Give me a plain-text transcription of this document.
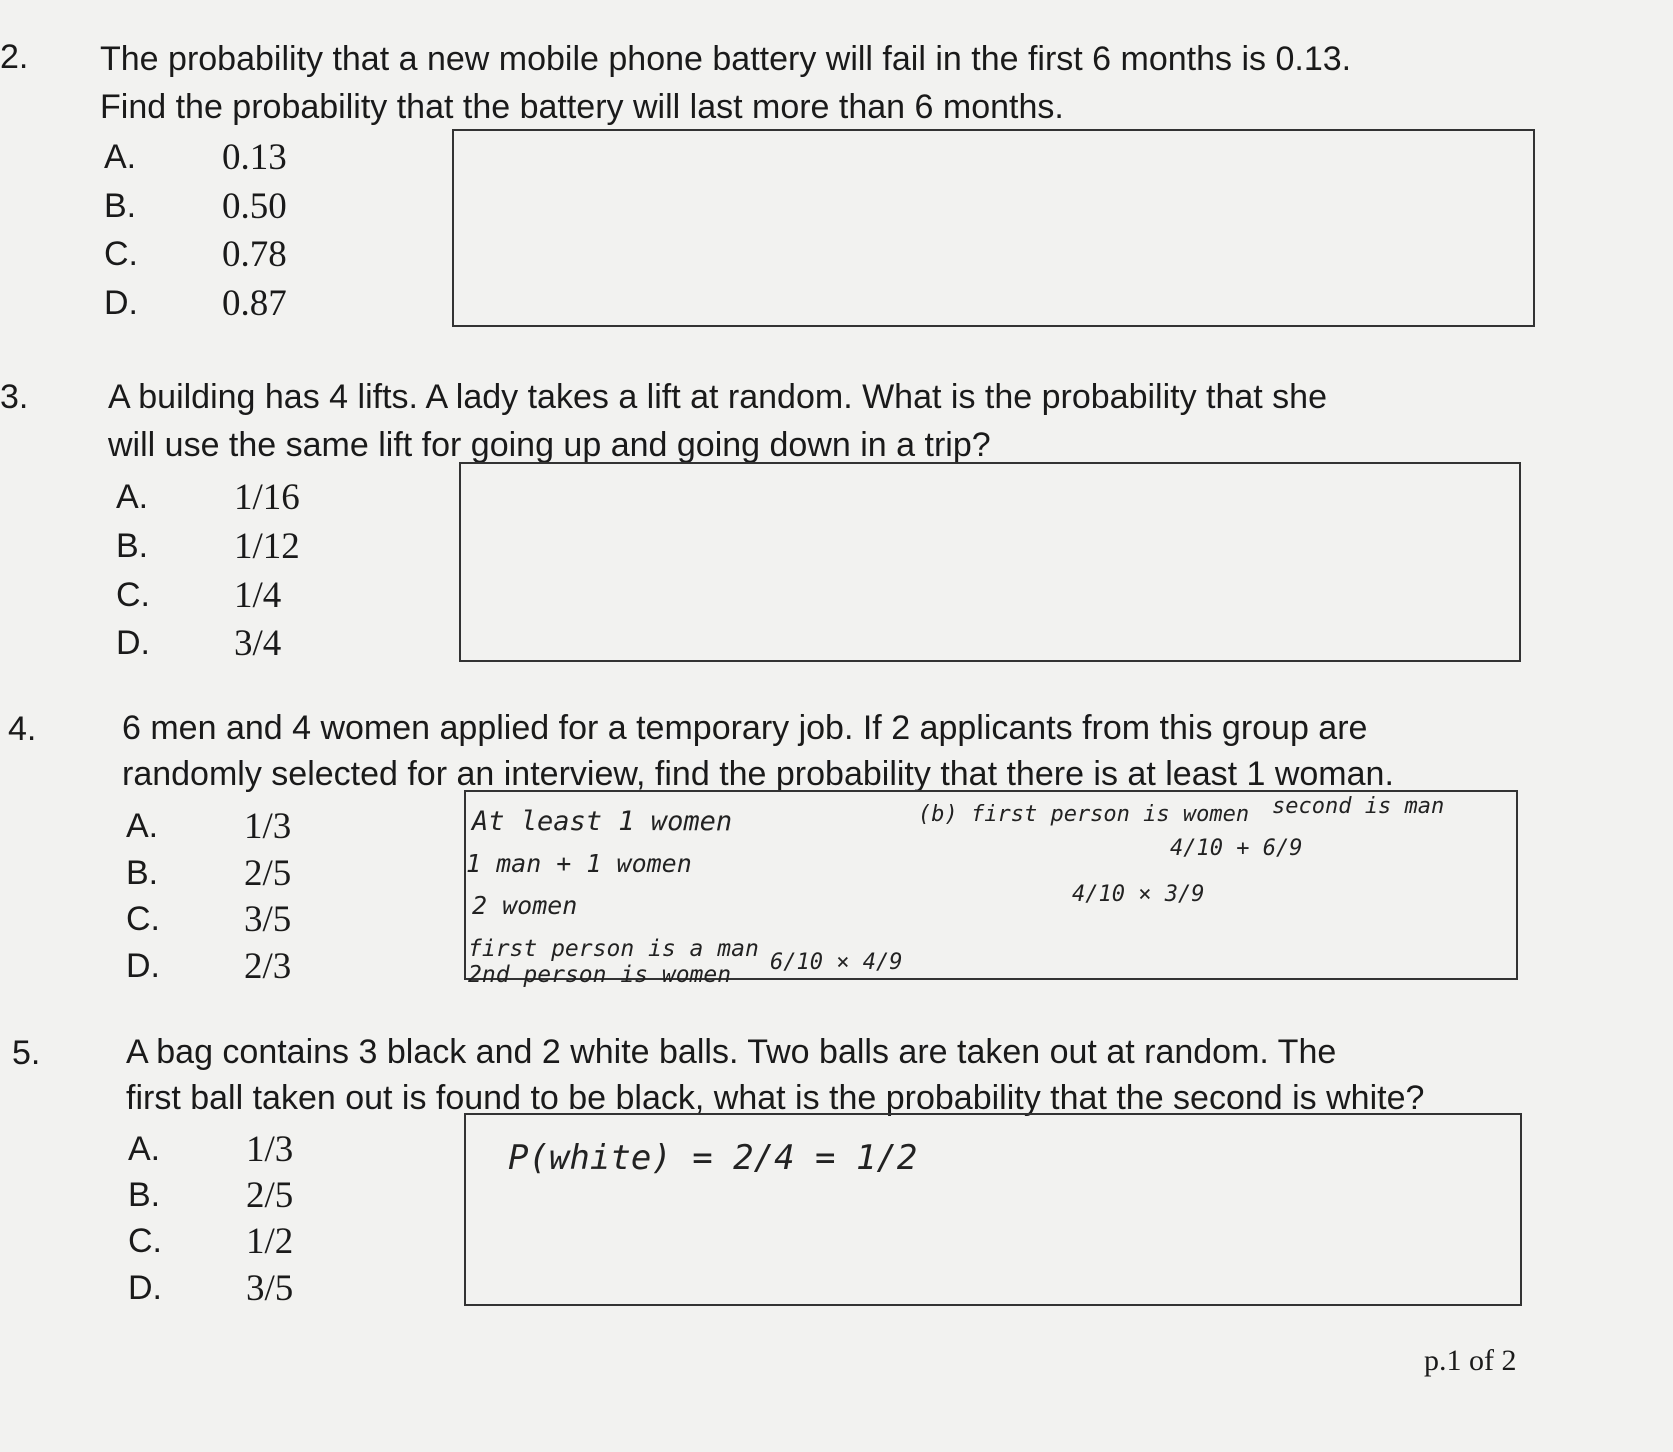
2. The probability that a new mobile phone battery will fail in the first 6 months is 0.13.
Find the probability that the battery will last more than 6 months.
A. 0.13
B. 0.50
C. 0.78
D. 0.87
3. A building has 4 lifts. A lady takes a lift at random. What is the probability that she
will use the same lift for going up and going down in a trip?
A. 1/16
B. 1/12
C. 1/4
D. 3/4
4.	6 men and 4 women applied for a temporary job. If 2 applicants from this group are
randomly selected for an interview, find the probability that there is at least 1 woman.
A. 1/3
B. 2/5
C. 3/5
D. 2/3
At least 1 women
1 man + 1 women
2 women
first person is a man
2nd person is women 6/10 × 4/9
(b) first person is women second is man
4/10 + 6/9
4/10 × 3/9
5.	A bag contains 3 black and 2 white balls. Two balls are taken out at random. The
first ball taken out is found to be black, what is the probability that the second is white?
A. 1/3
B. 2/5
C. 1/2
D. 3/5
P(white) = 2/4 = 1/2
p.1 of 2
